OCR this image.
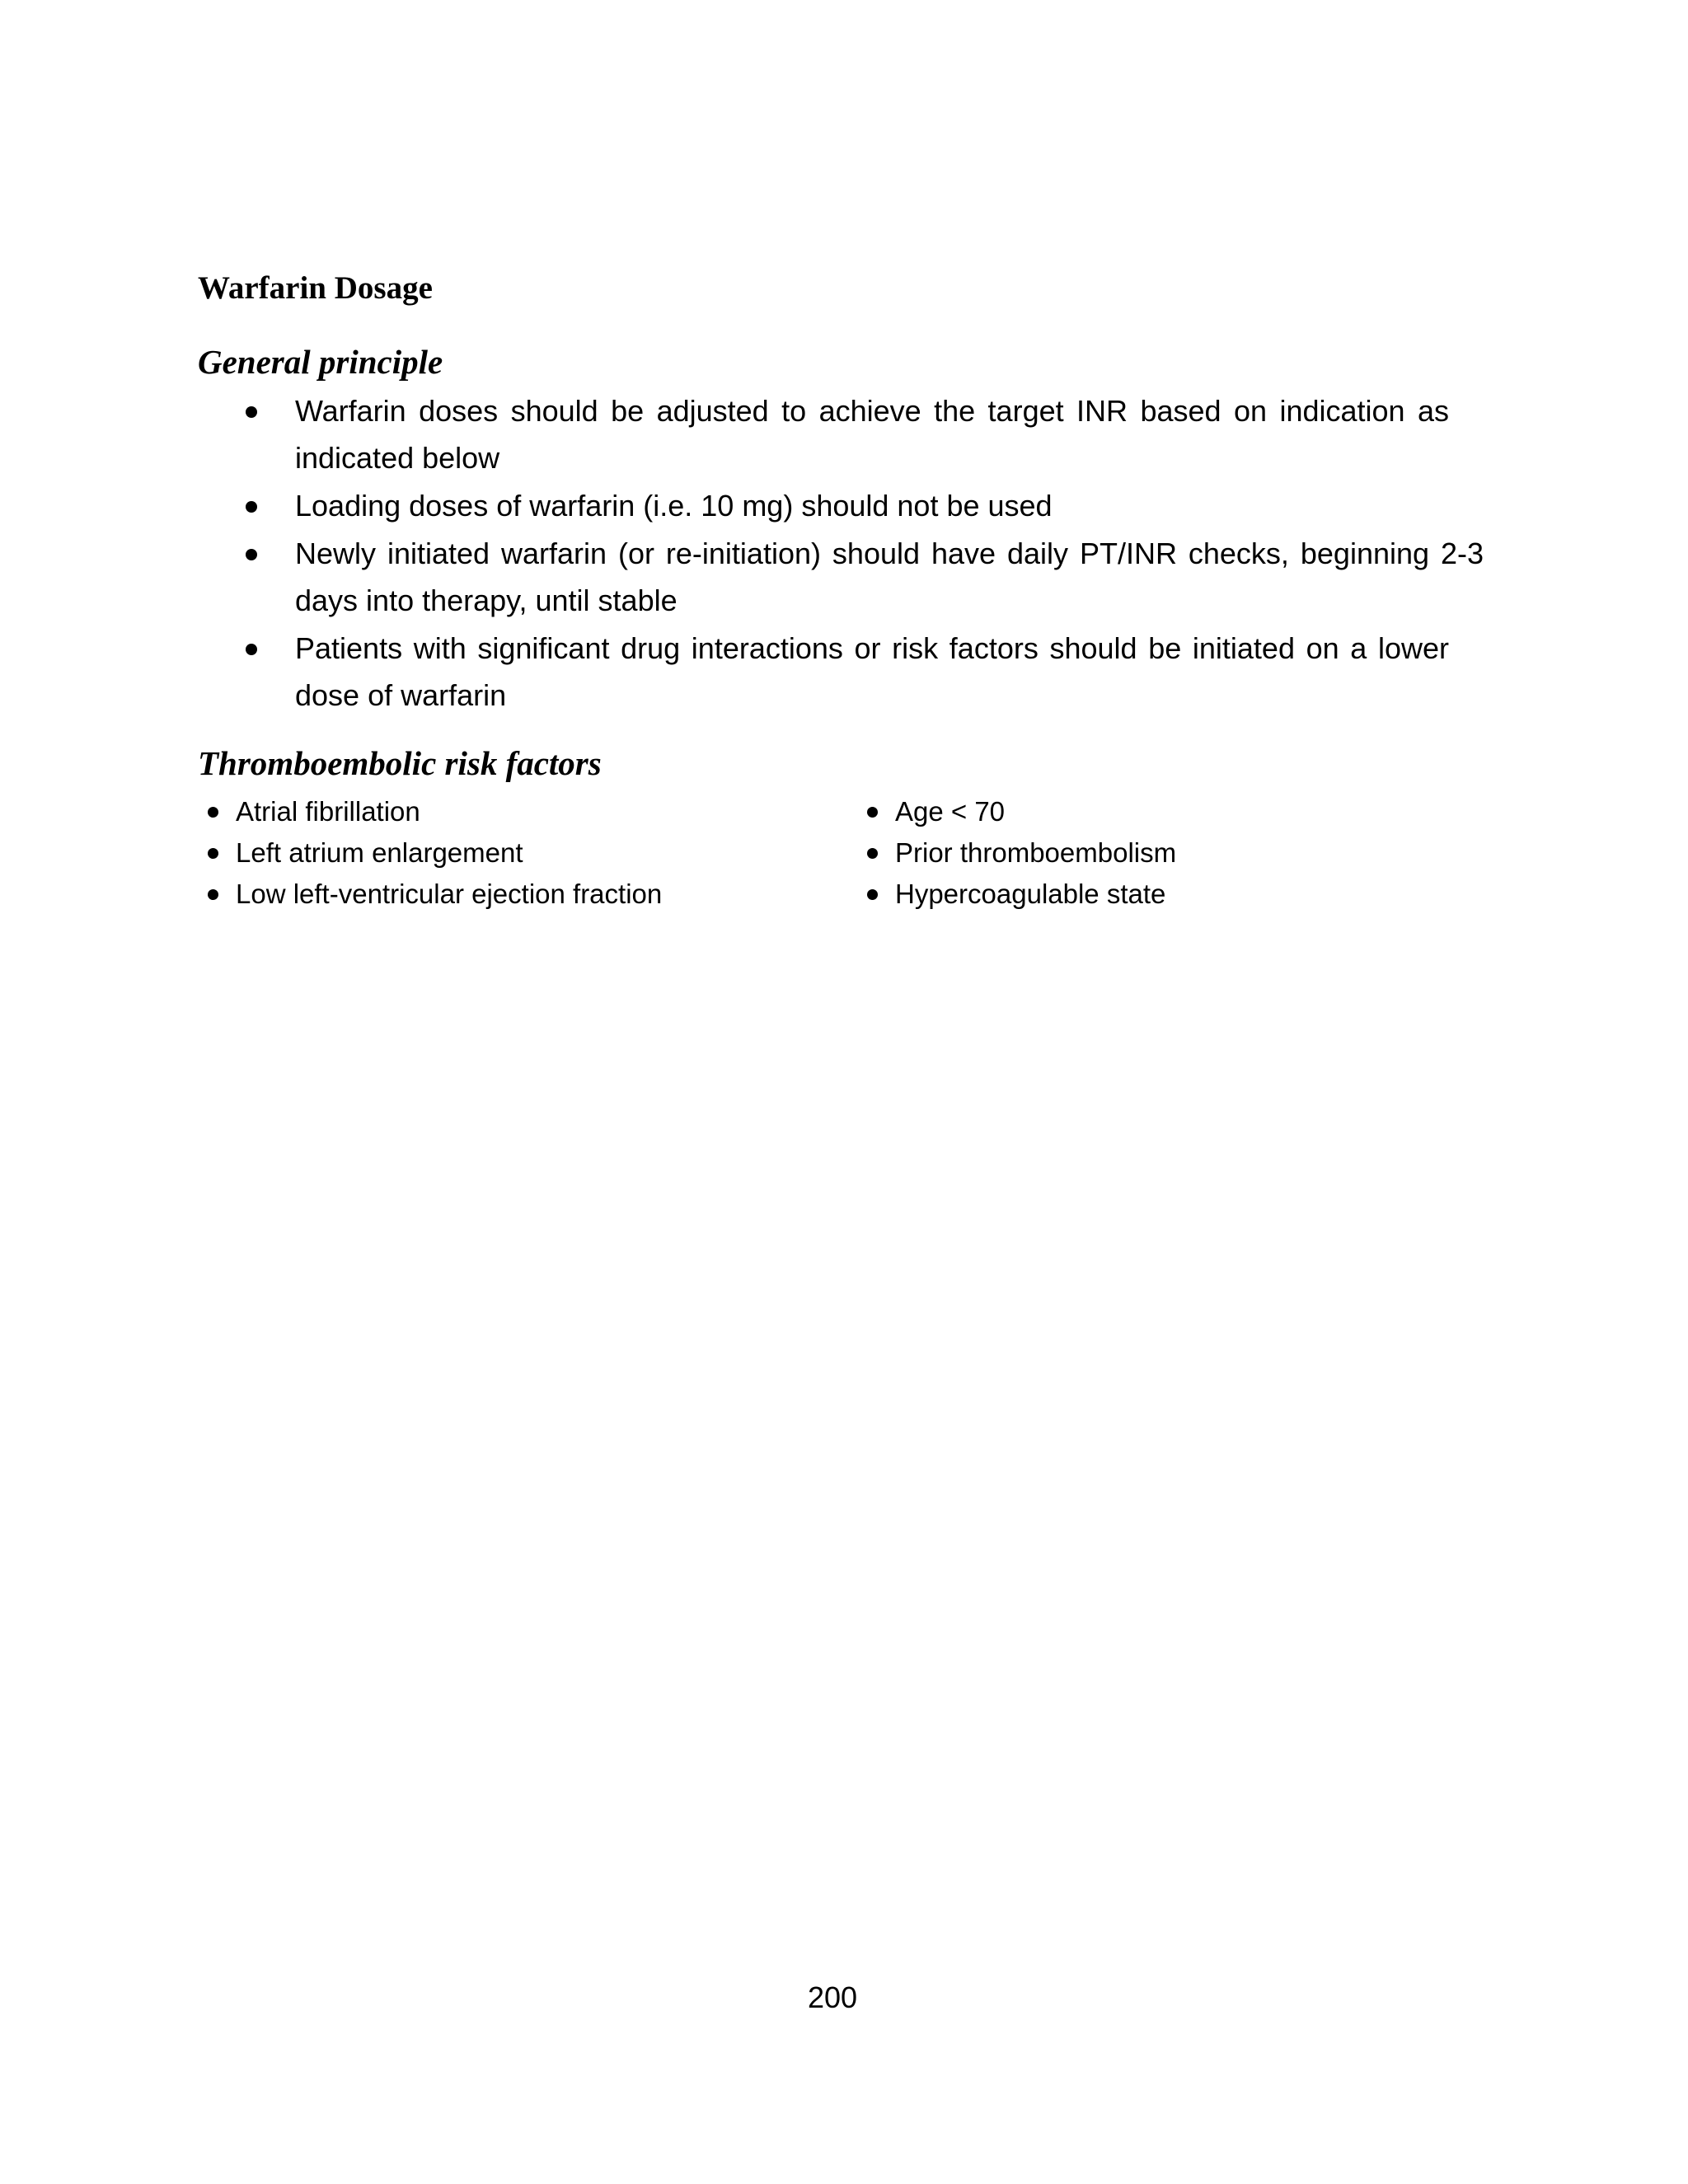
Warfarin Dosage
General principle
Warfarin doses should be adjusted to achieve the target INR based on indication as indicated below
Loading doses of warfarin (i.e. 10 mg) should not be used
Newly initiated warfarin (or re-initiation) should have daily PT/INR checks, beginning 2-3 days into therapy, until stable
Patients with significant drug interactions or risk factors should be initiated on a lower dose of warfarin
Thromboembolic risk factors
Atrial fibrillation
Left atrium enlargement
Low left-ventricular ejection fraction
Age < 70
Prior thromboembolism
Hypercoagulable state

200
